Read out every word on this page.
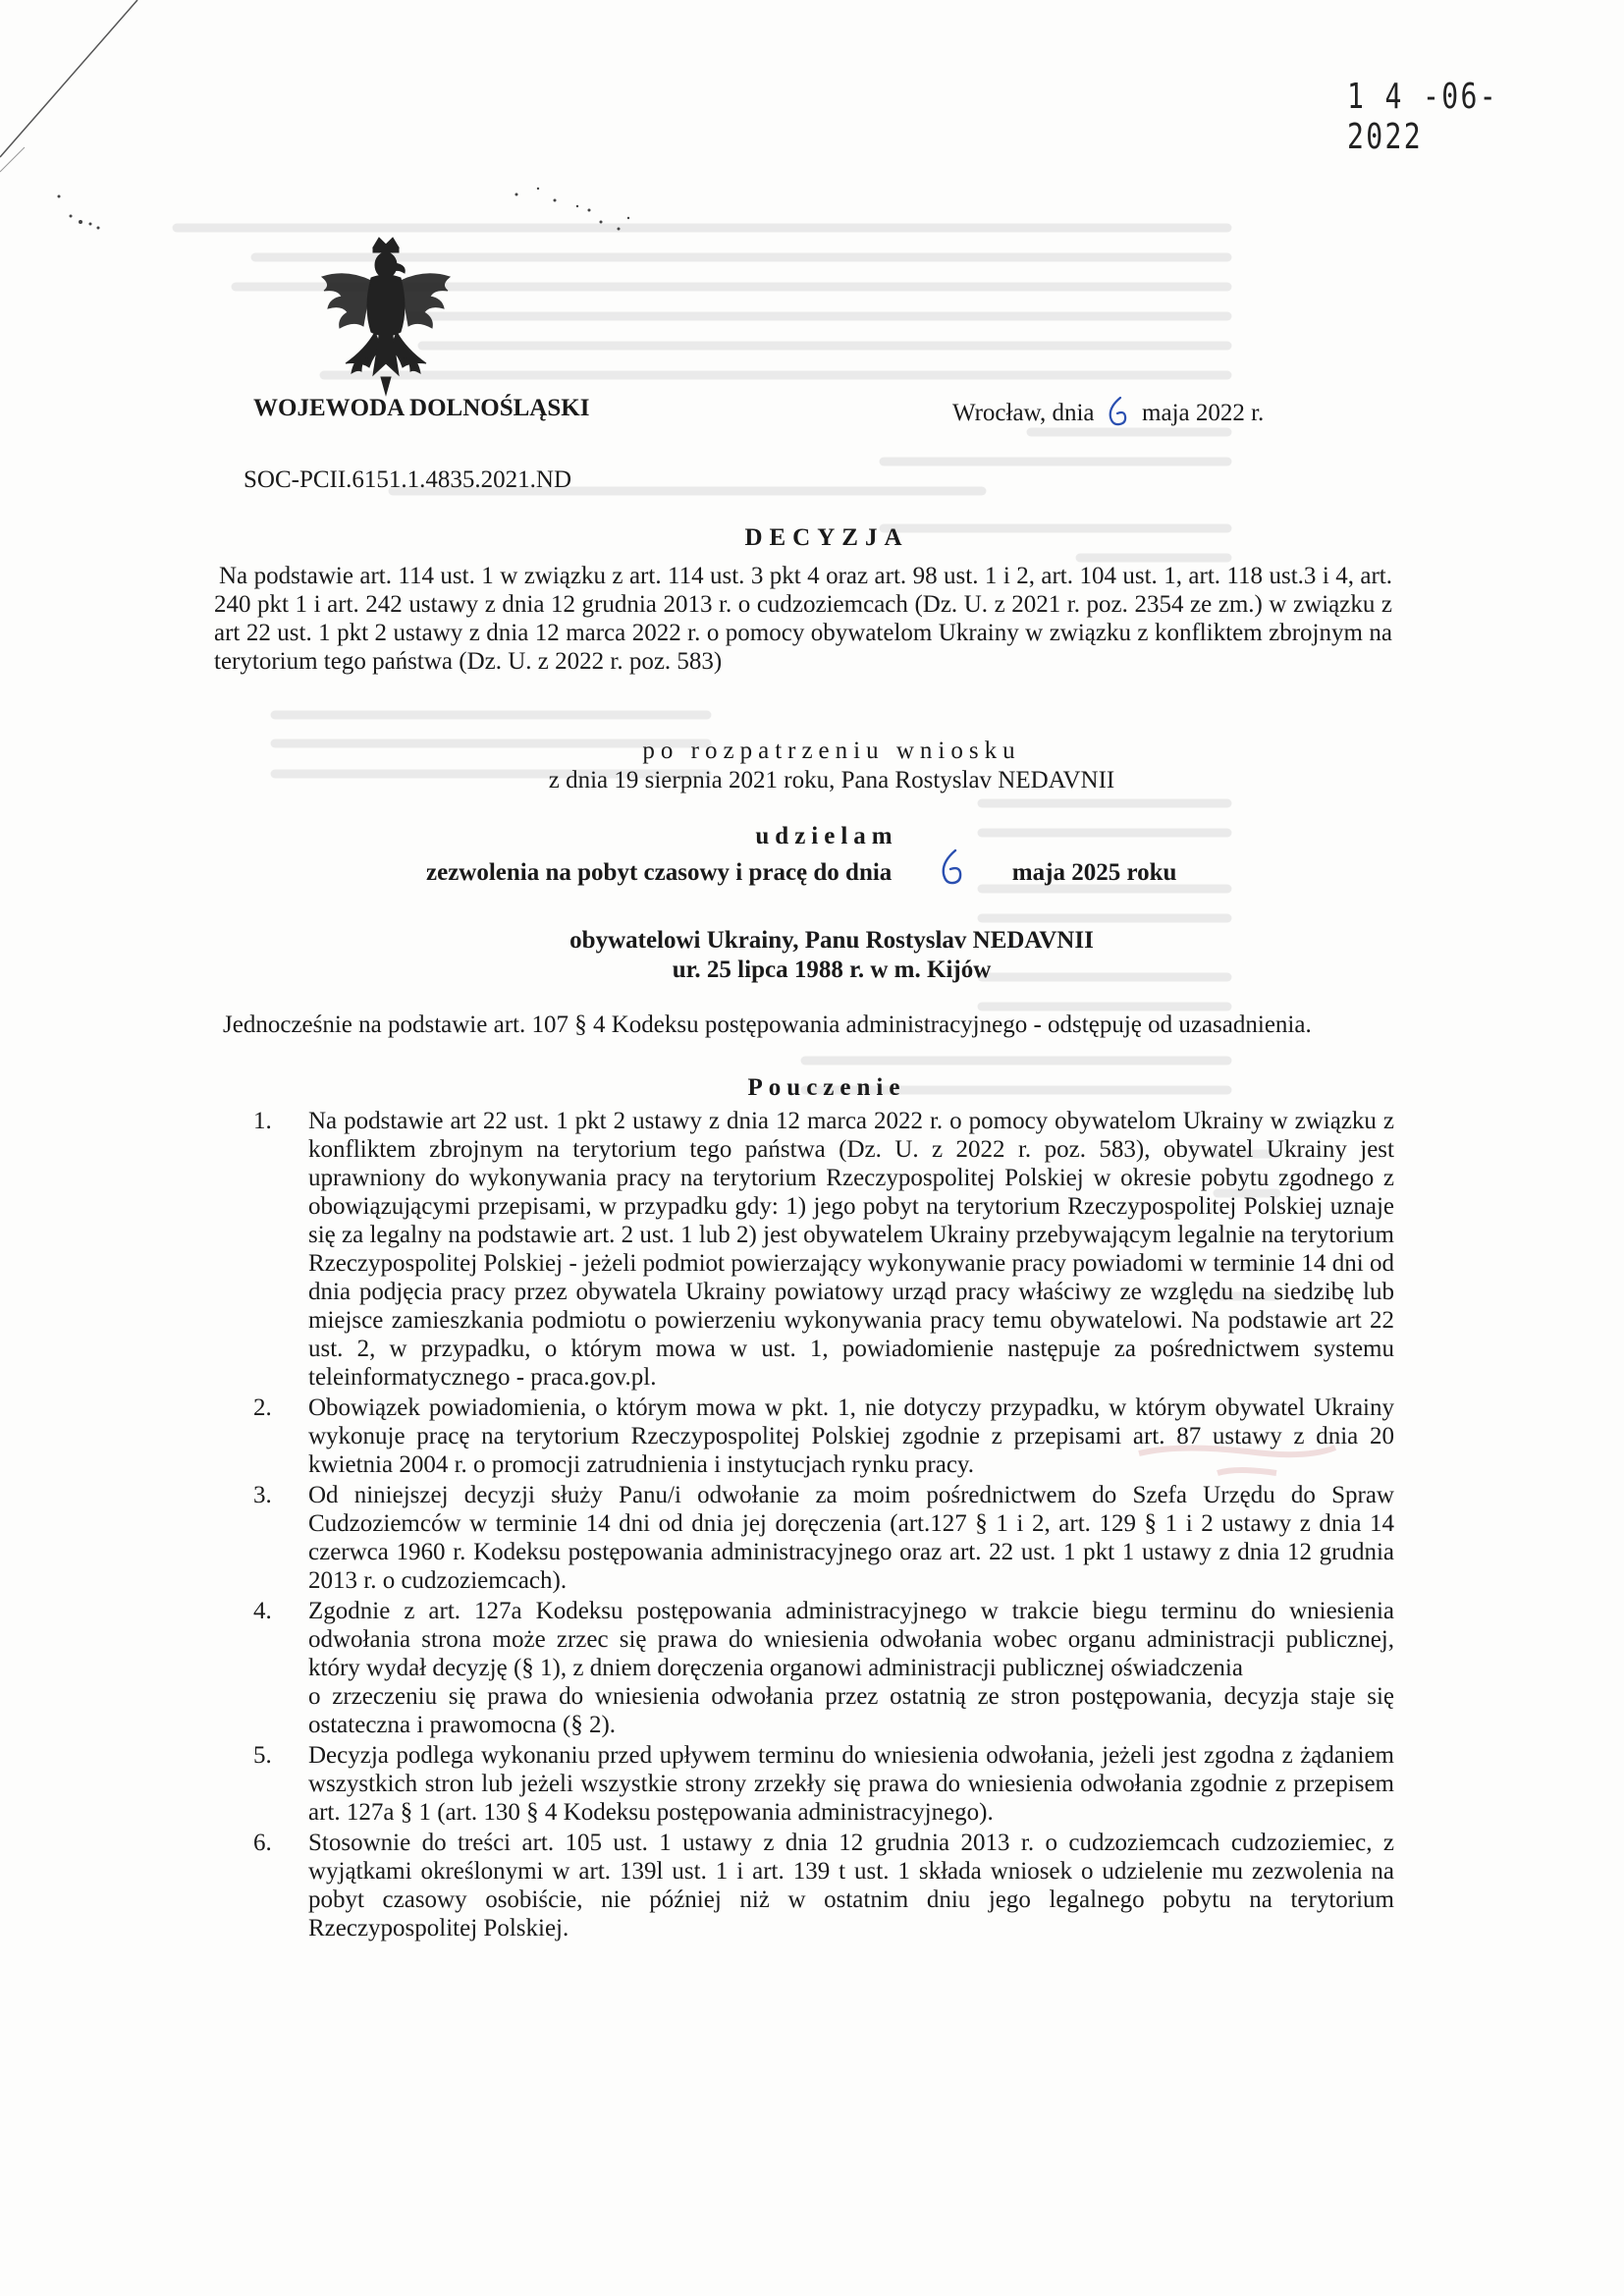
1 4 -06- 2022
WOJEWODA DOLNOŚLĄSKI	Wrocław, dnia maja 2022 r.
SOC-PCII.6151.1.4835.2021.ND
DECYZJA
Na podstawie art. 114 ust. 1 w związku z art. 114 ust. 3 pkt 4 oraz art. 98 ust. 1 i 2, art. 104 ust. 1, art. 118 ust.3 i 4, art. 240 pkt 1 i art. 242 ustawy z dnia 12 grudnia 2013 r. o cudzoziemcach (Dz. U. z 2021 r. poz. 2354 ze zm.) w związku z art 22 ust. 1 pkt 2 ustawy z dnia 12 marca 2022 r. o pomocy obywatelom Ukrainy w związku z konfliktem zbrojnym na terytorium tego państwa (Dz. U. z 2022 r. poz. 583)
po rozpatrzeniu wniosku
z dnia 19 sierpnia 2021 roku, Pana Rostyslav NEDAVNII
udzielam
zezwolenia na pobyt czasowy i pracę do dnia
	maja 2025 roku
obywatelowi Ukrainy, Panu Rostyslav NEDAVNII
ur. 25 lipca 1988 r. w m. Kijów
Jednocześnie na podstawie art. 107 § 4 Kodeksu postępowania administracyjnego - odstępuję od uzasadnienia.
Pouczenie
1. Na podstawie art 22 ust. 1 pkt 2 ustawy z dnia 12 marca 2022 r. o pomocy obywatelom Ukrainy w związku z konfliktem zbrojnym na terytorium tego państwa (Dz. U. z 2022 r. poz. 583), obywatel Ukrainy jest uprawniony do wykonywania pracy na terytorium Rzeczypospolitej Polskiej w okresie pobytu zgodnego z obowiązującymi przepisami, w przypadku gdy: 1) jego pobyt na terytorium Rzeczypospolitej Polskiej uznaje się za legalny na podstawie art. 2 ust. 1 lub 2) jest obywatelem Ukrainy przebywającym legalnie na terytorium Rzeczypospolitej Polskiej - jeżeli podmiot powierzający wykonywanie pracy powiadomi w terminie 14 dni od dnia podjęcia pracy przez obywatela Ukrainy powiatowy urząd pracy właściwy ze względu na siedzibę lub miejsce zamieszkania podmiotu o powierzeniu wykonywania pracy temu obywatelowi. Na podstawie art 22 ust. 2, w przypadku, o którym mowa w ust. 1, powiadomienie następuje za pośrednictwem systemu teleinformatycznego - praca.gov.pl.

2. Obowiązek powiadomienia, o którym mowa w pkt. 1, nie dotyczy przypadku, w którym obywatel Ukrainy wykonuje pracę na terytorium Rzeczypospolitej Polskiej zgodnie z przepisami art. 87 ustawy z dnia 20 kwietnia 2004 r. o promocji zatrudnienia i instytucjach rynku pracy.

3. Od niniejszej decyzji służy Panu/i odwołanie za moim pośrednictwem do Szefa Urzędu do Spraw Cudzoziemców w terminie 14 dni od dnia jej doręczenia (art.127 § 1 i 2, art. 129 § 1 i 2 ustawy z dnia 14 czerwca 1960 r. Kodeksu postępowania administracyjnego oraz art. 22 ust. 1 pkt 1 ustawy z dnia 12 grudnia 2013 r. o cudzoziemcach).

4. Zgodnie z art. 127a Kodeksu postępowania administracyjnego w trakcie biegu terminu do wniesienia odwołania strona może zrzec się prawa do wniesienia odwołania wobec organu administracji publicznej, który wydał decyzję (§ 1), z dniem doręczenia organowi administracji publicznej oświadczenia

o zrzeczeniu się prawa do wniesienia odwołania przez ostatnią ze stron postępowania, decyzja staje się ostateczna i prawomocna (§ 2).

5. Decyzja podlega wykonaniu przed upływem terminu do wniesienia odwołania, jeżeli jest zgodna z żądaniem wszystkich stron lub jeżeli wszystkie strony zrzekły się prawa do wniesienia odwołania zgodnie z przepisem art. 127a § 1 (art. 130 § 4 Kodeksu postępowania administracyjnego).

6. Stosownie do treści art. 105 ust. 1 ustawy z dnia 12 grudnia 2013 r. o cudzoziemcach cudzoziemiec, z wyjątkami określonymi w art. 139l ust. 1 i art. 139 t ust. 1 składa wniosek o udzielenie mu zezwolenia na pobyt czasowy osobiście, nie później niż w ostatnim dniu jego legalnego pobytu na terytorium Rzeczypospolitej Polskiej.
